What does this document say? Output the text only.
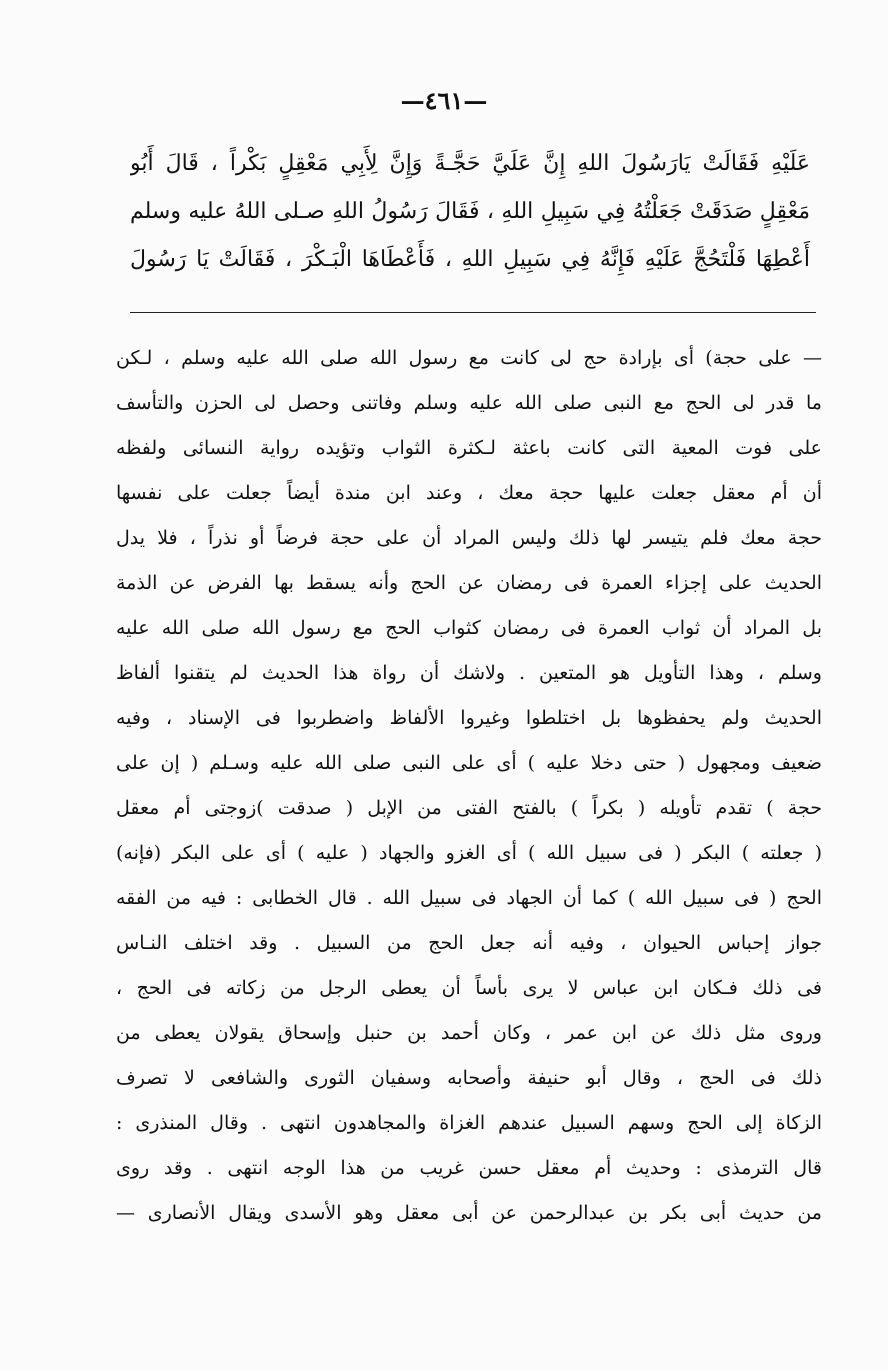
—٤٦١—
عَلَيْهِ فَقَالَتْ يَارَسُولَ اللهِ إِنَّ عَلَيَّ حَجَّـةً وَإِنَّ لِأَبِي مَعْقِلٍ بَكْراً ، قَالَ أَبُو
مَعْقِلٍ صَدَقَتْ جَعَلْتُهُ فِي سَبِيلِ اللهِ ، فَقَالَ رَسُولُ اللهِ صـلى اللهُ عليه وسلم
أَعْطِهَا فَلْتَحُجَّ عَلَيْهِ فَإِنَّهُ فِي سَبِيلِ اللهِ ، فَأَعْطَاهَا الْبَـكْرَ ، فَقَالَتْ يَا رَسُولَ
— على حجة) أى بإرادة حج لى كانت مع رسول الله صلى الله عليه وسلم ، لـكن
ما قدر لى الحج مع النبى صلى الله عليه وسلم وفاتنى وحصل لى الحزن والتأسف
على فوت المعية التى كانت باعثة لـكثرة الثواب وتؤيده رواية النسائى ولفظه
أن أم معقل جعلت عليها حجة معك ، وعند ابن مندة أيضاً جعلت على نفسها
حجة معك فلم يتيسر لها ذلك وليس المراد أن على حجة فرضاً أو نذراً ، فلا يدل
الحديث على إجزاء العمرة فى رمضان عن الحج وأنه يسقط بها الفرض عن الذمة
بل المراد أن ثواب العمرة فى رمضان كثواب الحج مع رسول الله صلى الله عليه
وسلم ، وهذا التأويل هو المتعين . ولاشك أن رواة هذا الحديث لم يتقنوا ألفاظ
الحديث ولم يحفظوها بل اختلطوا وغيروا الألفاظ واضطربوا فى الإسناد ، وفيه
ضعيف ومجهول ( حتى دخلا عليه ) أى على النبى صلى الله عليه وسـلم ( إن على
حجة ) تقدم تأويله ( بكراً ) بالفتح الفتى من الإبل ( صدقت )زوجتى أم معقل
( جعلته ) البكر ( فى سبيل الله ) أى الغزو والجهاد ( عليه ) أى على البكر (فإنه)
الحج ( فى سبيل الله ) كما أن الجهاد فى سبيل الله . قال الخطابى : فيه من الفقه
جواز إحباس الحيوان ، وفيه أنه جعل الحج من السبيل . وقد اختلف النـاس
فى ذلك فـكان ابن عباس لا يرى بأساً أن يعطى الرجل من زكاته فى الحج ،
وروى مثل ذلك عن ابن عمر ، وكان أحمد بن حنبل وإسحاق يقولان يعطى من
ذلك فى الحج ، وقال أبو حنيفة وأصحابه وسفيان الثورى والشافعى لا تصرف
الزكاة إلى الحج وسهم السبيل عندهم الغزاة والمجاهدون انتهى . وقال المنذرى :
قال الترمذى : وحديث أم معقل حسن غريب من هذا الوجه انتهى . وقد روى
من حديث أبى بكر بن عبدالرحمن عن أبى معقل وهو الأسدى ويقال الأنصارى —
